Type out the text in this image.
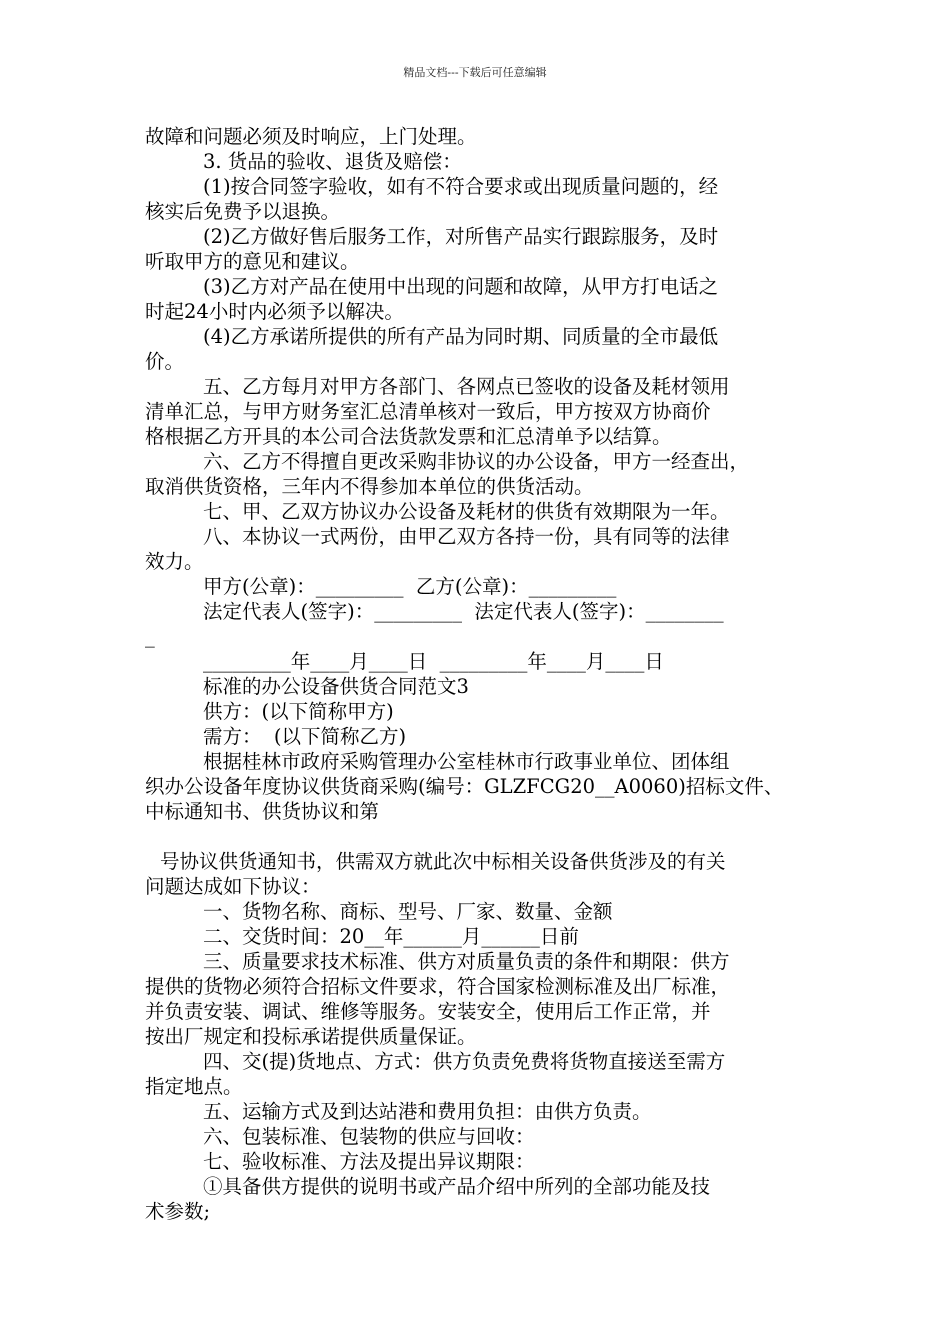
精品文档---下载后可任意编辑
故障和问题必须及时响应，上门处理。
3. 货品的验收、退货及赔偿：
(1)按合同签字验收，如有不符合要求或出现质量问题的，经
核实后免费予以退换。
(2)乙方做好售后服务工作，对所售产品实行跟踪服务，及时
听取甲方的意见和建议。
(3)乙方对产品在使用中出现的问题和故障，从甲方打电话之
时起24小时内必须予以解决。
(4)乙方承诺所提供的所有产品为同时期、同质量的全市最低
价。
五、乙方每月对甲方各部门、各网点已签收的设备及耗材领用
清单汇总，与甲方财务室汇总清单核对一致后，甲方按双方协商价
格根据乙方开具的本公司合法货款发票和汇总清单予以结算。
六、乙方不得擅自更改采购非协议的办公设备，甲方一经查出，
取消供货资格，三年内不得参加本单位的供货活动。
七、甲、乙双方协议办公设备及耗材的供货有效期限为一年。
八、本协议一式两份，由甲乙双方各持一份，具有同等的法律
效力。
甲方(公章)：_________  乙方(公章)：_________
法定代表人(签字)：_________  法定代表人(签字)：________
_
_________年____月____日  _________年____月____日
标准的办公设备供货合同范文3
供方：(以下简称甲方)
需方：  (以下简称乙方)
根据桂林市政府采购管理办公室桂林市行政事业单位、团体组
织办公设备年度协议供货商采购(编号：GLZFCG20__A0060)招标文件、
中标通知书、供货协议和第
号协议供货通知书，供需双方就此次中标相关设备供货涉及的有关
问题达成如下协议：
一、货物名称、商标、型号、厂家、数量、金额
二、交货时间：20__年______月______日前
三、质量要求技术标准、供方对质量负责的条件和期限：供方
提供的货物必须符合招标文件要求，符合国家检测标准及出厂标准，
并负责安装、调试、维修等服务。安装安全，使用后工作正常，并
按出厂规定和投标承诺提供质量保证。
四、交(提)货地点、方式：供方负责免费将货物直接送至需方
指定地点。
五、运输方式及到达站港和费用负担：由供方负责。
六、包装标准、包装物的供应与回收：
七、验收标准、方法及提出异议期限：
①具备供方提供的说明书或产品介绍中所列的全部功能及技
术参数;
